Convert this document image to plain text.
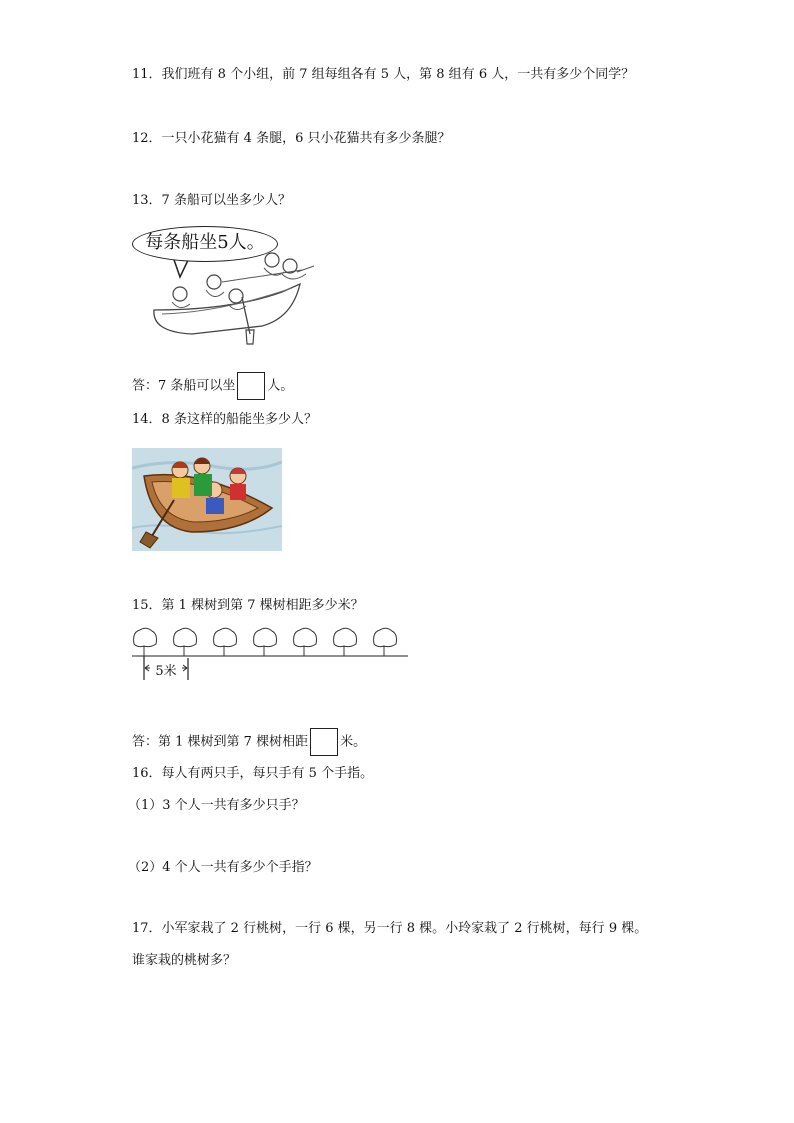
11．我们班有 8 个小组，前 7 组每组各有 5 人，第 8 组有 6 人，一共有多少个同学？
12．一只小花猫有 4 条腿，6 只小花猫共有多少条腿？
13．7 条船可以坐多少人？
每条船坐5人。
答：7 条船可以坐 人。
14．8 条这样的船能坐多少人？
15．第 1 棵树到第 7 棵树相距多少米？
5米
答：第 1 棵树到第 7 棵树相距 米。
16．每人有两只手，每只手有 5 个手指。
（1）3 个人一共有多少只手？
（2）4 个人一共有多少个手指？
17．小军家栽了 2 行桃树，一行 6 棵，另一行 8 棵。小玲家栽了 2 行桃树，每行 9 棵。
谁家栽的桃树多？
